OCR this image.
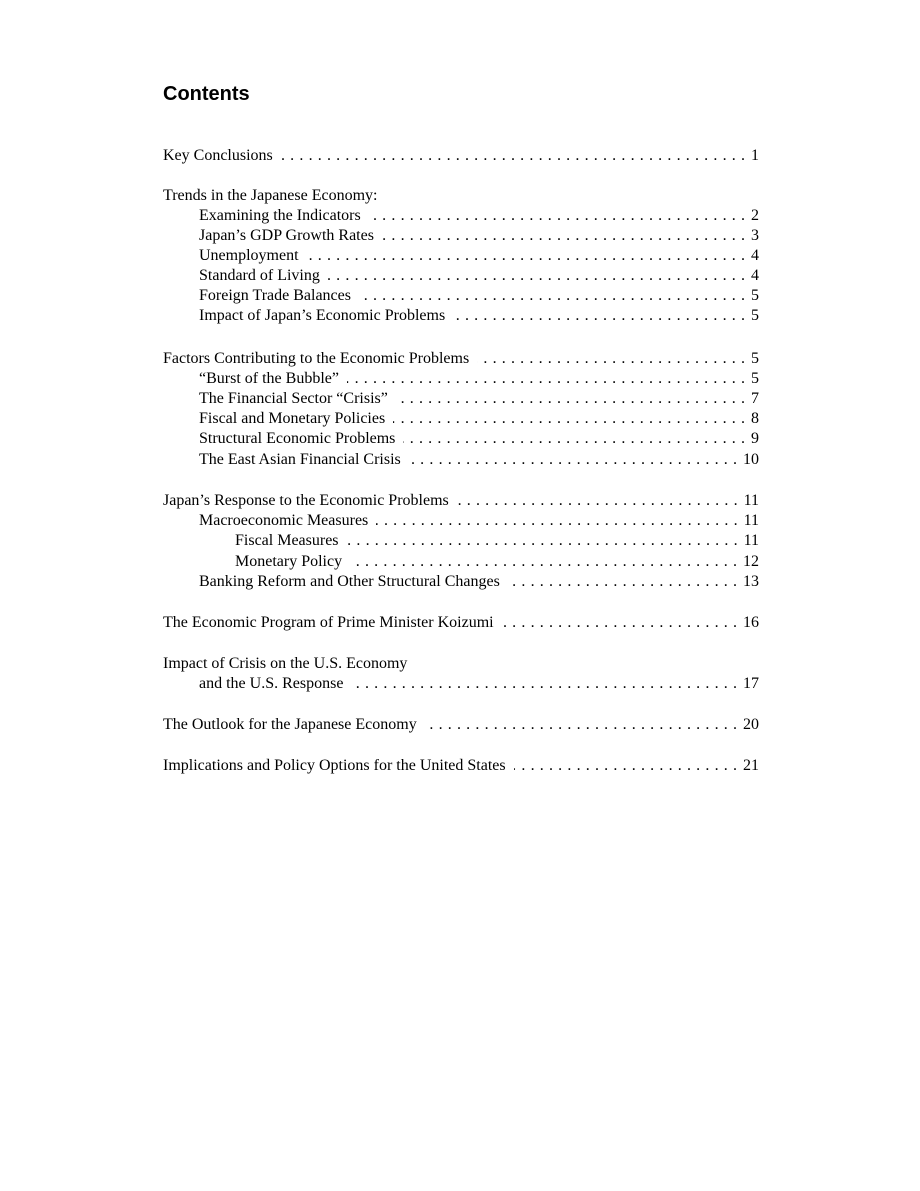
Contents
Key Conclusions . . .	1
Trends in the Japanese Economy:
Examining the Indicators . . .	2
Japan’s GDP Growth Rates . . .	3
Unemployment . . .	4
Standard of Living . . .	4
Foreign Trade Balances . . .	5
Impact of Japan’s Economic Problems . . .	5
Factors Contributing to the Economic Problems . . .	5
“Burst of the Bubble” . . .	5
The Financial Sector “Crisis” . . .	7
Fiscal and Monetary Policies . . .	8
Structural Economic Problems . . .	9
The East Asian Financial Crisis . . .	10
Japan’s Response to the Economic Problems . . .	11
Macroeconomic Measures . . .	11
Fiscal Measures . . .	11
Monetary Policy . . .	12
Banking Reform and Other Structural Changes . . .	13
The Economic Program of Prime Minister Koizumi . . .	16
Impact of Crisis on the U.S. Economy
and the U.S. Response . . .	17
The Outlook for the Japanese Economy . . .	20
Implications and Policy Options for the United States . . .	21
